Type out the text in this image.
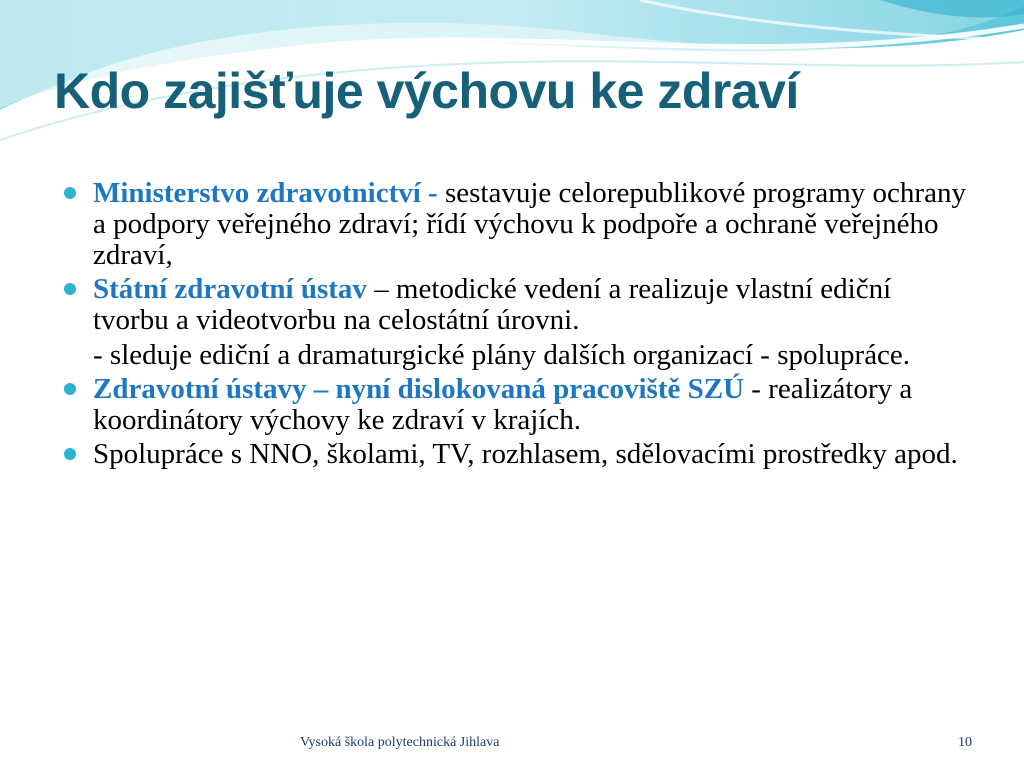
Kdo zajišťuje výchovu ke zdraví
Ministerstvo zdravotnictví - sestavuje celorepublikové programy ochrany a podpory veřejného zdraví; řídí výchovu k podpoře a ochraně veřejného zdraví,
Státní zdravotní ústav – metodické vedení a realizuje vlastní ediční tvorbu a videotvorbu na celostátní úrovni.
- sleduje ediční a dramaturgické plány dalších organizací - spolupráce.
Zdravotní ústavy – nyní dislokovaná pracoviště SZÚ - realizátory a koordinátory výchovy ke zdraví v krajích.
Spolupráce s NNO, školami, TV, rozhlasem, sdělovacími prostředky apod.
Vysoká škola polytechnická Jihlava	10
